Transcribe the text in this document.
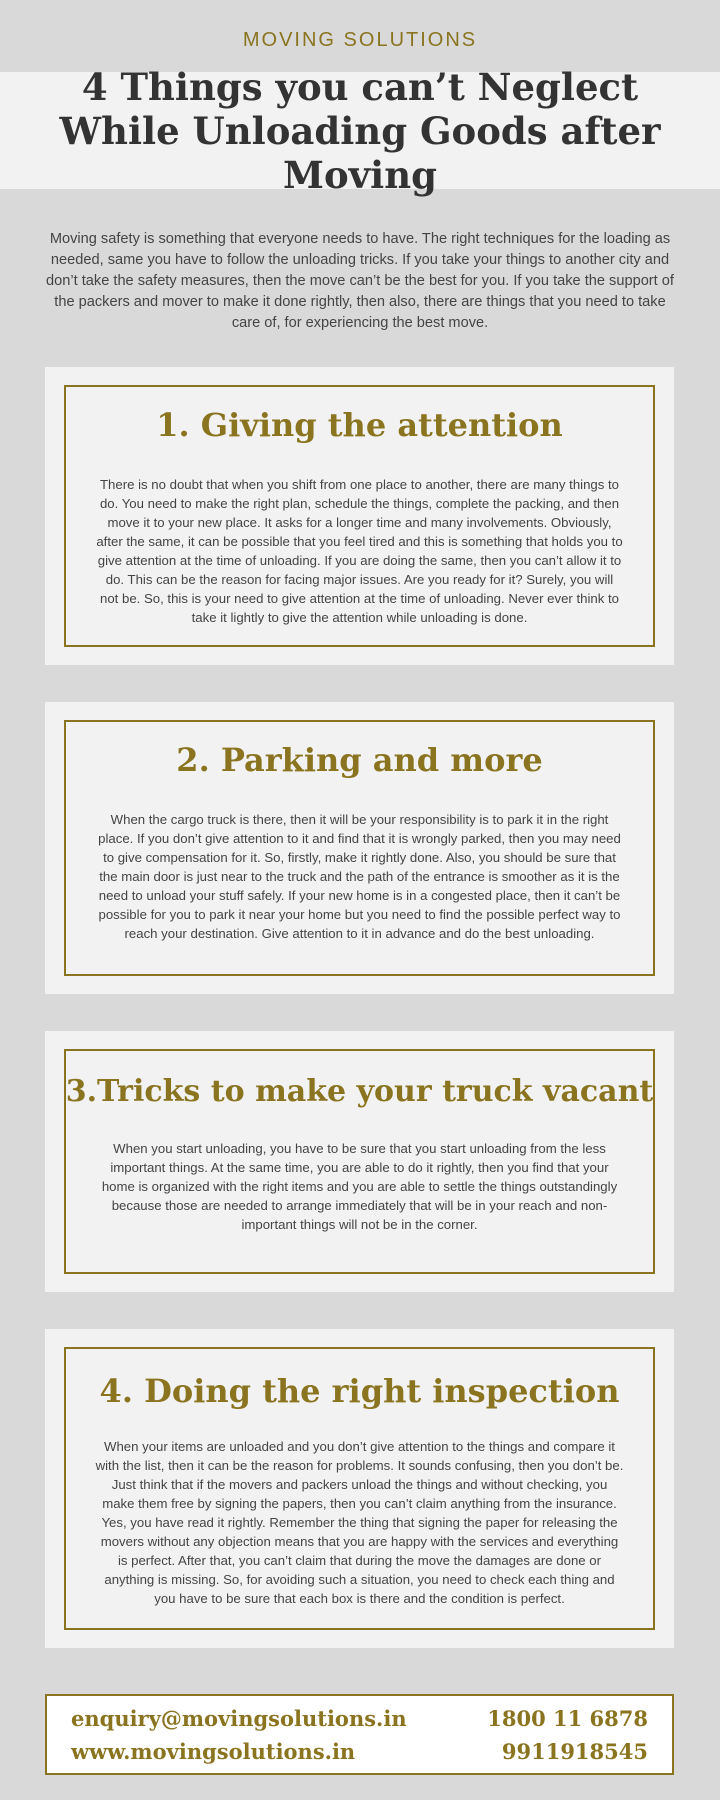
MOVING SOLUTIONS
4 Things you can’t Neglect While Unloading Goods after Moving

Moving safety is something that everyone needs to have. The right techniques for the loading as needed, same you have to follow the unloading tricks. If you take your things to another city and don’t take the safety measures, then the move can’t be the best for you. If you take the support of the packers and mover to make it done rightly, then also, there are things that you need to take care of, for experiencing the best move.

1. Giving the attention

There is no doubt that when you shift from one place to another, there are many things to do. You need to make the right plan, schedule the things, complete the packing, and then move it to your new place. It asks for a longer time and many involvements. Obviously, after the same, it can be possible that you feel tired and this is something that holds you to give attention at the time of unloading. If you are doing the same, then you can’t allow it to do. This can be the reason for facing major issues. Are you ready for it? Surely, you will not be. So, this is your need to give attention at the time of unloading. Never ever think to take it lightly to give the attention while unloading is done.

2. Parking and more

When the cargo truck is there, then it will be your responsibility is to park it in the right place. If you don’t give attention to it and find that it is wrongly parked, then you may need to give compensation for it. So, firstly, make it rightly done. Also, you should be sure that the main door is just near to the truck and the path of the entrance is smoother as it is the need to unload your stuff safely. If your new home is in a congested place, then it can’t be possible for you to park it near your home but you need to find the possible perfect way to reach your destination. Give attention to it in advance and do the best unloading.

3.Tricks to make your truck vacant

When you start unloading, you have to be sure that you start unloading from the less important things. At the same time, you are able to do it rightly, then you find that your home is organized with the right items and you are able to settle the things outstandingly because those are needed to arrange immediately that will be in your reach and non-important things will not be in the corner.

4. Doing the right inspection

When your items are unloaded and you don’t give attention to the things and compare it with the list, then it can be the reason for problems. It sounds confusing, then you don’t be. Just think that if the movers and packers unload the things and without checking, you make them free by signing the papers, then you can’t claim anything from the insurance. Yes, you have read it rightly. Remember the thing that signing the paper for releasing the movers without any objection means that you are happy with the services and everything is perfect. After that, you can’t claim that during the move the damages are done or anything is missing. So, for avoiding such a situation, you need to check each thing and you have to be sure that each box is there and the condition is perfect.

enquiry@movingsolutions.in
www.movingsolutions.in
1800 11 6878
9911918545
